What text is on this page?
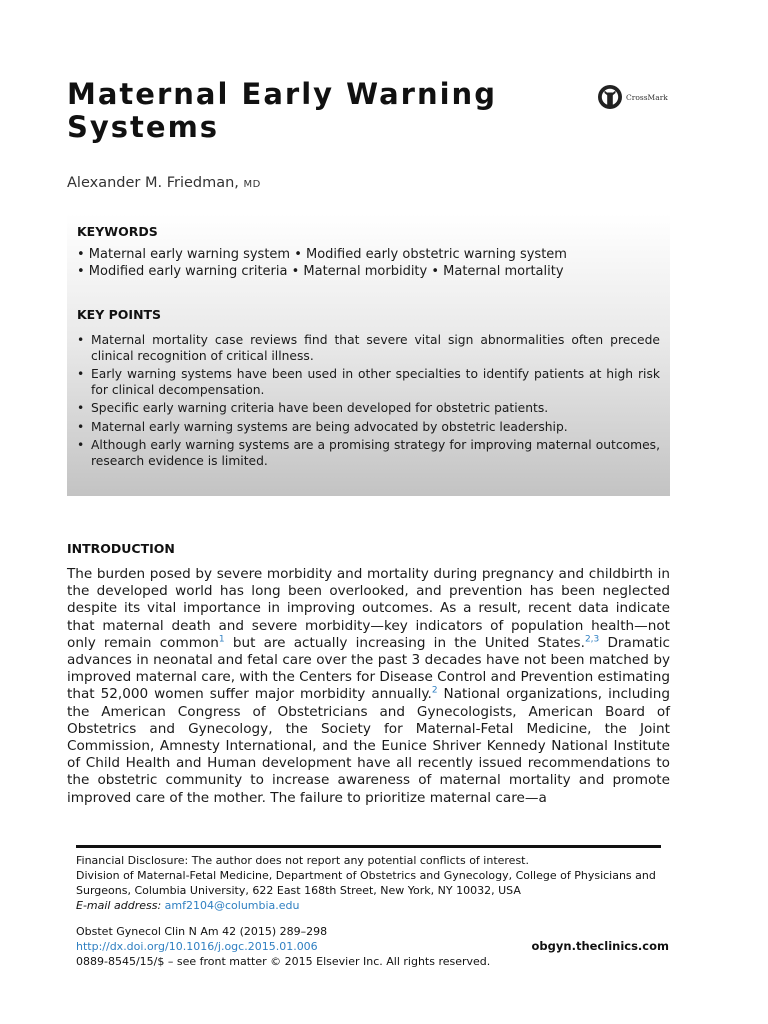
Maternal Early Warning Systems
CrossMark
Alexander M. Friedman, MD

KEYWORDS

• Maternal early warning system • Modified early obstetric warning system
• Modified early warning criteria • Maternal morbidity • Maternal mortality

KEY POINTS

• Maternal mortality case reviews find that severe vital sign abnormalities often precede clinical recognition of critical illness.
• Early warning systems have been used in other specialties to identify patients at high risk for clinical decompensation.
• Specific early warning criteria have been developed for obstetric patients.
• Maternal early warning systems are being advocated by obstetric leadership.
• Although early warning systems are a promising strategy for improving maternal outcomes, research evidence is limited.
INTRODUCTION

The burden posed by severe morbidity and mortality during pregnancy and childbirth in the developed world has long been overlooked, and prevention has been neglected despite its vital importance in improving outcomes. As a result, recent data indicate that maternal death and severe morbidity—key indicators of population health—not only remain common$^1$ but are actually increasing in the United States.$^{2,3}$ Dramatic advances in neonatal and fetal care over the past 3 decades have not been matched by improved maternal care, with the Centers for Disease Control and Prevention estimating that 52,000 women suffer major morbidity annually.$^2$ National organizations, including the American Congress of Obstetricians and Gynecologists, American Board of Obstetrics and Gynecology, the Society for Maternal-Fetal Medicine, the Joint Commission, Amnesty International, and the Eunice Shriver Kennedy National Institute of Child Health and Human development have all recently issued recommendations to the obstetric community to increase awareness of maternal mortality and promote improved care of the mother. The failure to prioritize maternal care—a

Financial Disclosure: The author does not report any potential conflicts of interest.
Division of Maternal-Fetal Medicine, Department of Obstetrics and Gynecology, College of Physicians and Surgeons, Columbia University, 622 East 168th Street, New York, NY 10032, USA
E-mail address: amf2104@columbia.edu
Obstet Gynecol Clin N Am 42 (2015) 289–298
http://dx.doi.org/10.1016/j.ogc.2015.01.006
0889-8545/15/$ – see front matter © 2015 Elsevier Inc. All rights reserved.
obgyn.theclinics.com
